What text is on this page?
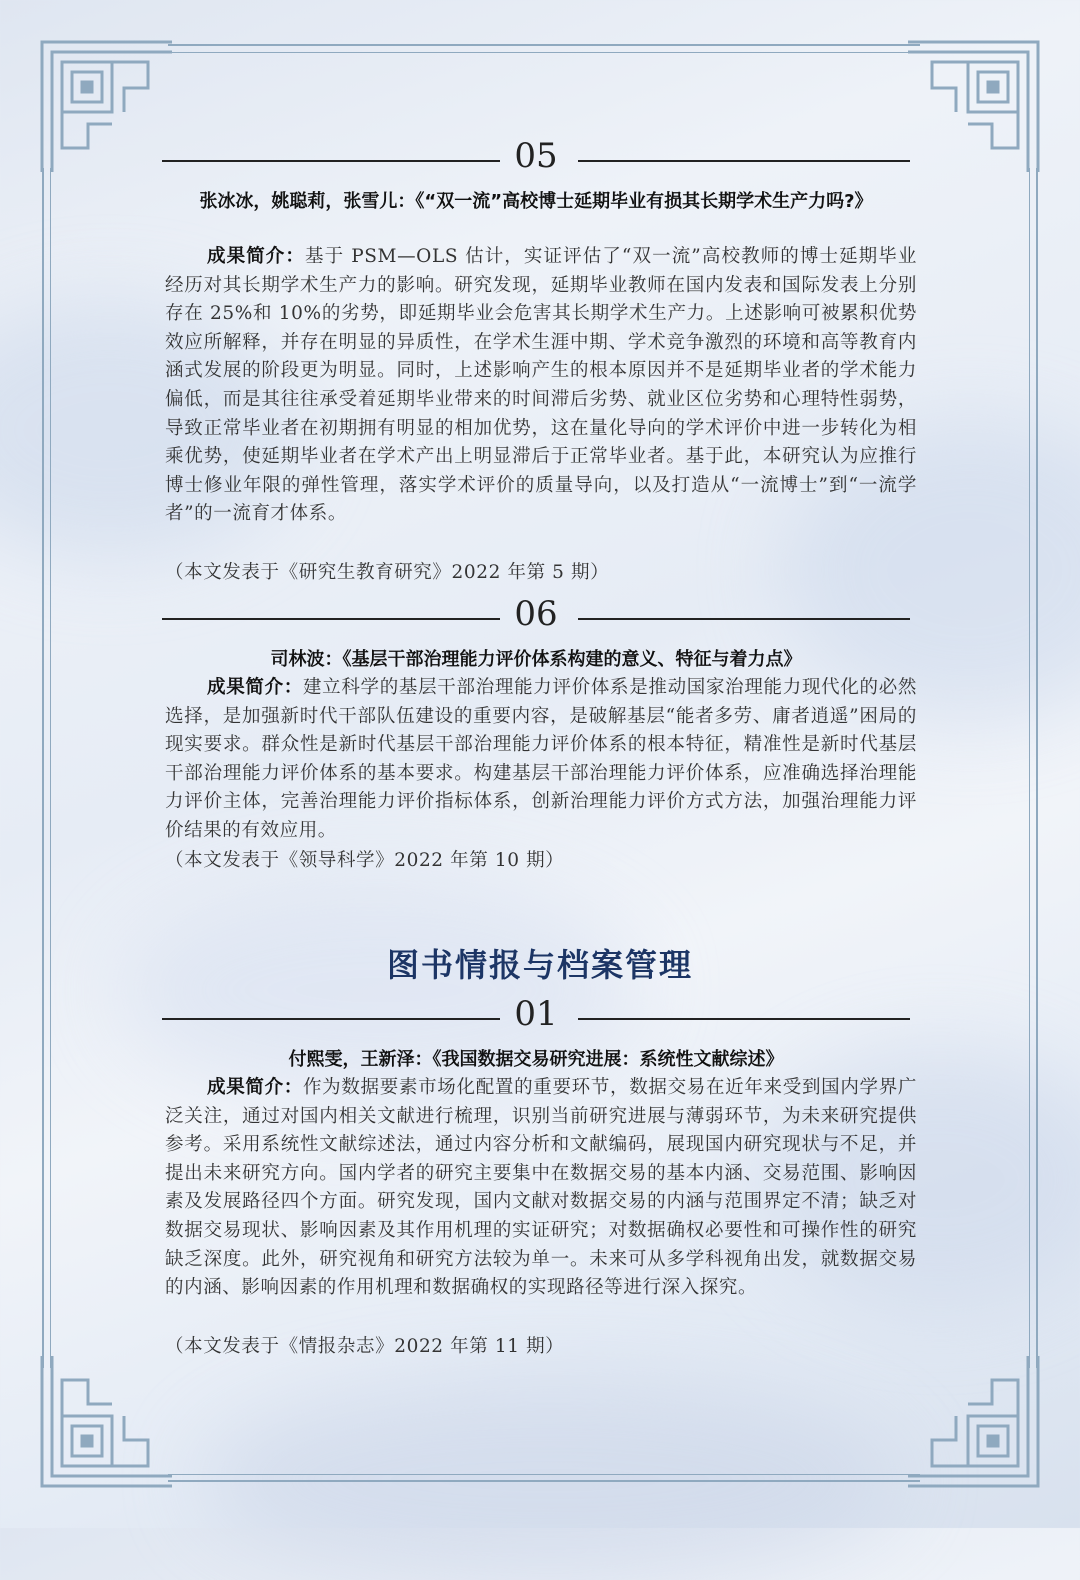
05
张冰冰，姚聪莉，张雪儿：《“双一流”高校博士延期毕业有损其长期学术生产力吗?》
成果简介：基于 PSM—OLS 估计，实证评估了“双一流”高校教师的博士延期毕业经历对其长期学术生产力的影响。研究发现，延期毕业教师在国内发表和国际发表上分别存在 25%和 10%的劣势，即延期毕业会危害其长期学术生产力。上述影响可被累积优势效应所解释，并存在明显的异质性，在学术生涯中期、学术竞争激烈的环境和高等教育内涵式发展的阶段更为明显。同时，上述影响产生的根本原因并不是延期毕业者的学术能力偏低，而是其往往承受着延期毕业带来的时间滞后劣势、就业区位劣势和心理特性弱势，导致正常毕业者在初期拥有明显的相加优势，这在量化导向的学术评价中进一步转化为相乘优势，使延期毕业者在学术产出上明显滞后于正常毕业者。基于此，本研究认为应推行博士修业年限的弹性管理，落实学术评价的质量导向，以及打造从“一流博士”到“一流学者”的一流育才体系。
（本文发表于《研究生教育研究》2022 年第 5 期）
06
司林波：《基层干部治理能力评价体系构建的意义、特征与着力点》
成果简介：建立科学的基层干部治理能力评价体系是推动国家治理能力现代化的必然选择，是加强新时代干部队伍建设的重要内容，是破解基层“能者多劳、庸者逍遥”困局的现实要求。群众性是新时代基层干部治理能力评价体系的根本特征，精准性是新时代基层干部治理能力评价体系的基本要求。构建基层干部治理能力评价体系，应准确选择治理能力评价主体，完善治理能力评价指标体系，创新治理能力评价方式方法，加强治理能力评价结果的有效应用。
（本文发表于《领导科学》2022 年第 10 期）
图书情报与档案管理
01
付熙雯，王新泽：《我国数据交易研究进展：系统性文献综述》
成果简介：作为数据要素市场化配置的重要环节，数据交易在近年来受到国内学界广泛关注，通过对国内相关文献进行梳理，识别当前研究进展与薄弱环节，为未来研究提供参考。采用系统性文献综述法，通过内容分析和文献编码，展现国内研究现状与不足，并提出未来研究方向。国内学者的研究主要集中在数据交易的基本内涵、交易范围、影响因素及发展路径四个方面。研究发现，国内文献对数据交易的内涵与范围界定不清；缺乏对数据交易现状、影响因素及其作用机理的实证研究；对数据确权必要性和可操作性的研究缺乏深度。此外，研究视角和研究方法较为单一。未来可从多学科视角出发，就数据交易的内涵、影响因素的作用机理和数据确权的实现路径等进行深入探究。
（本文发表于《情报杂志》2022 年第 11 期）
